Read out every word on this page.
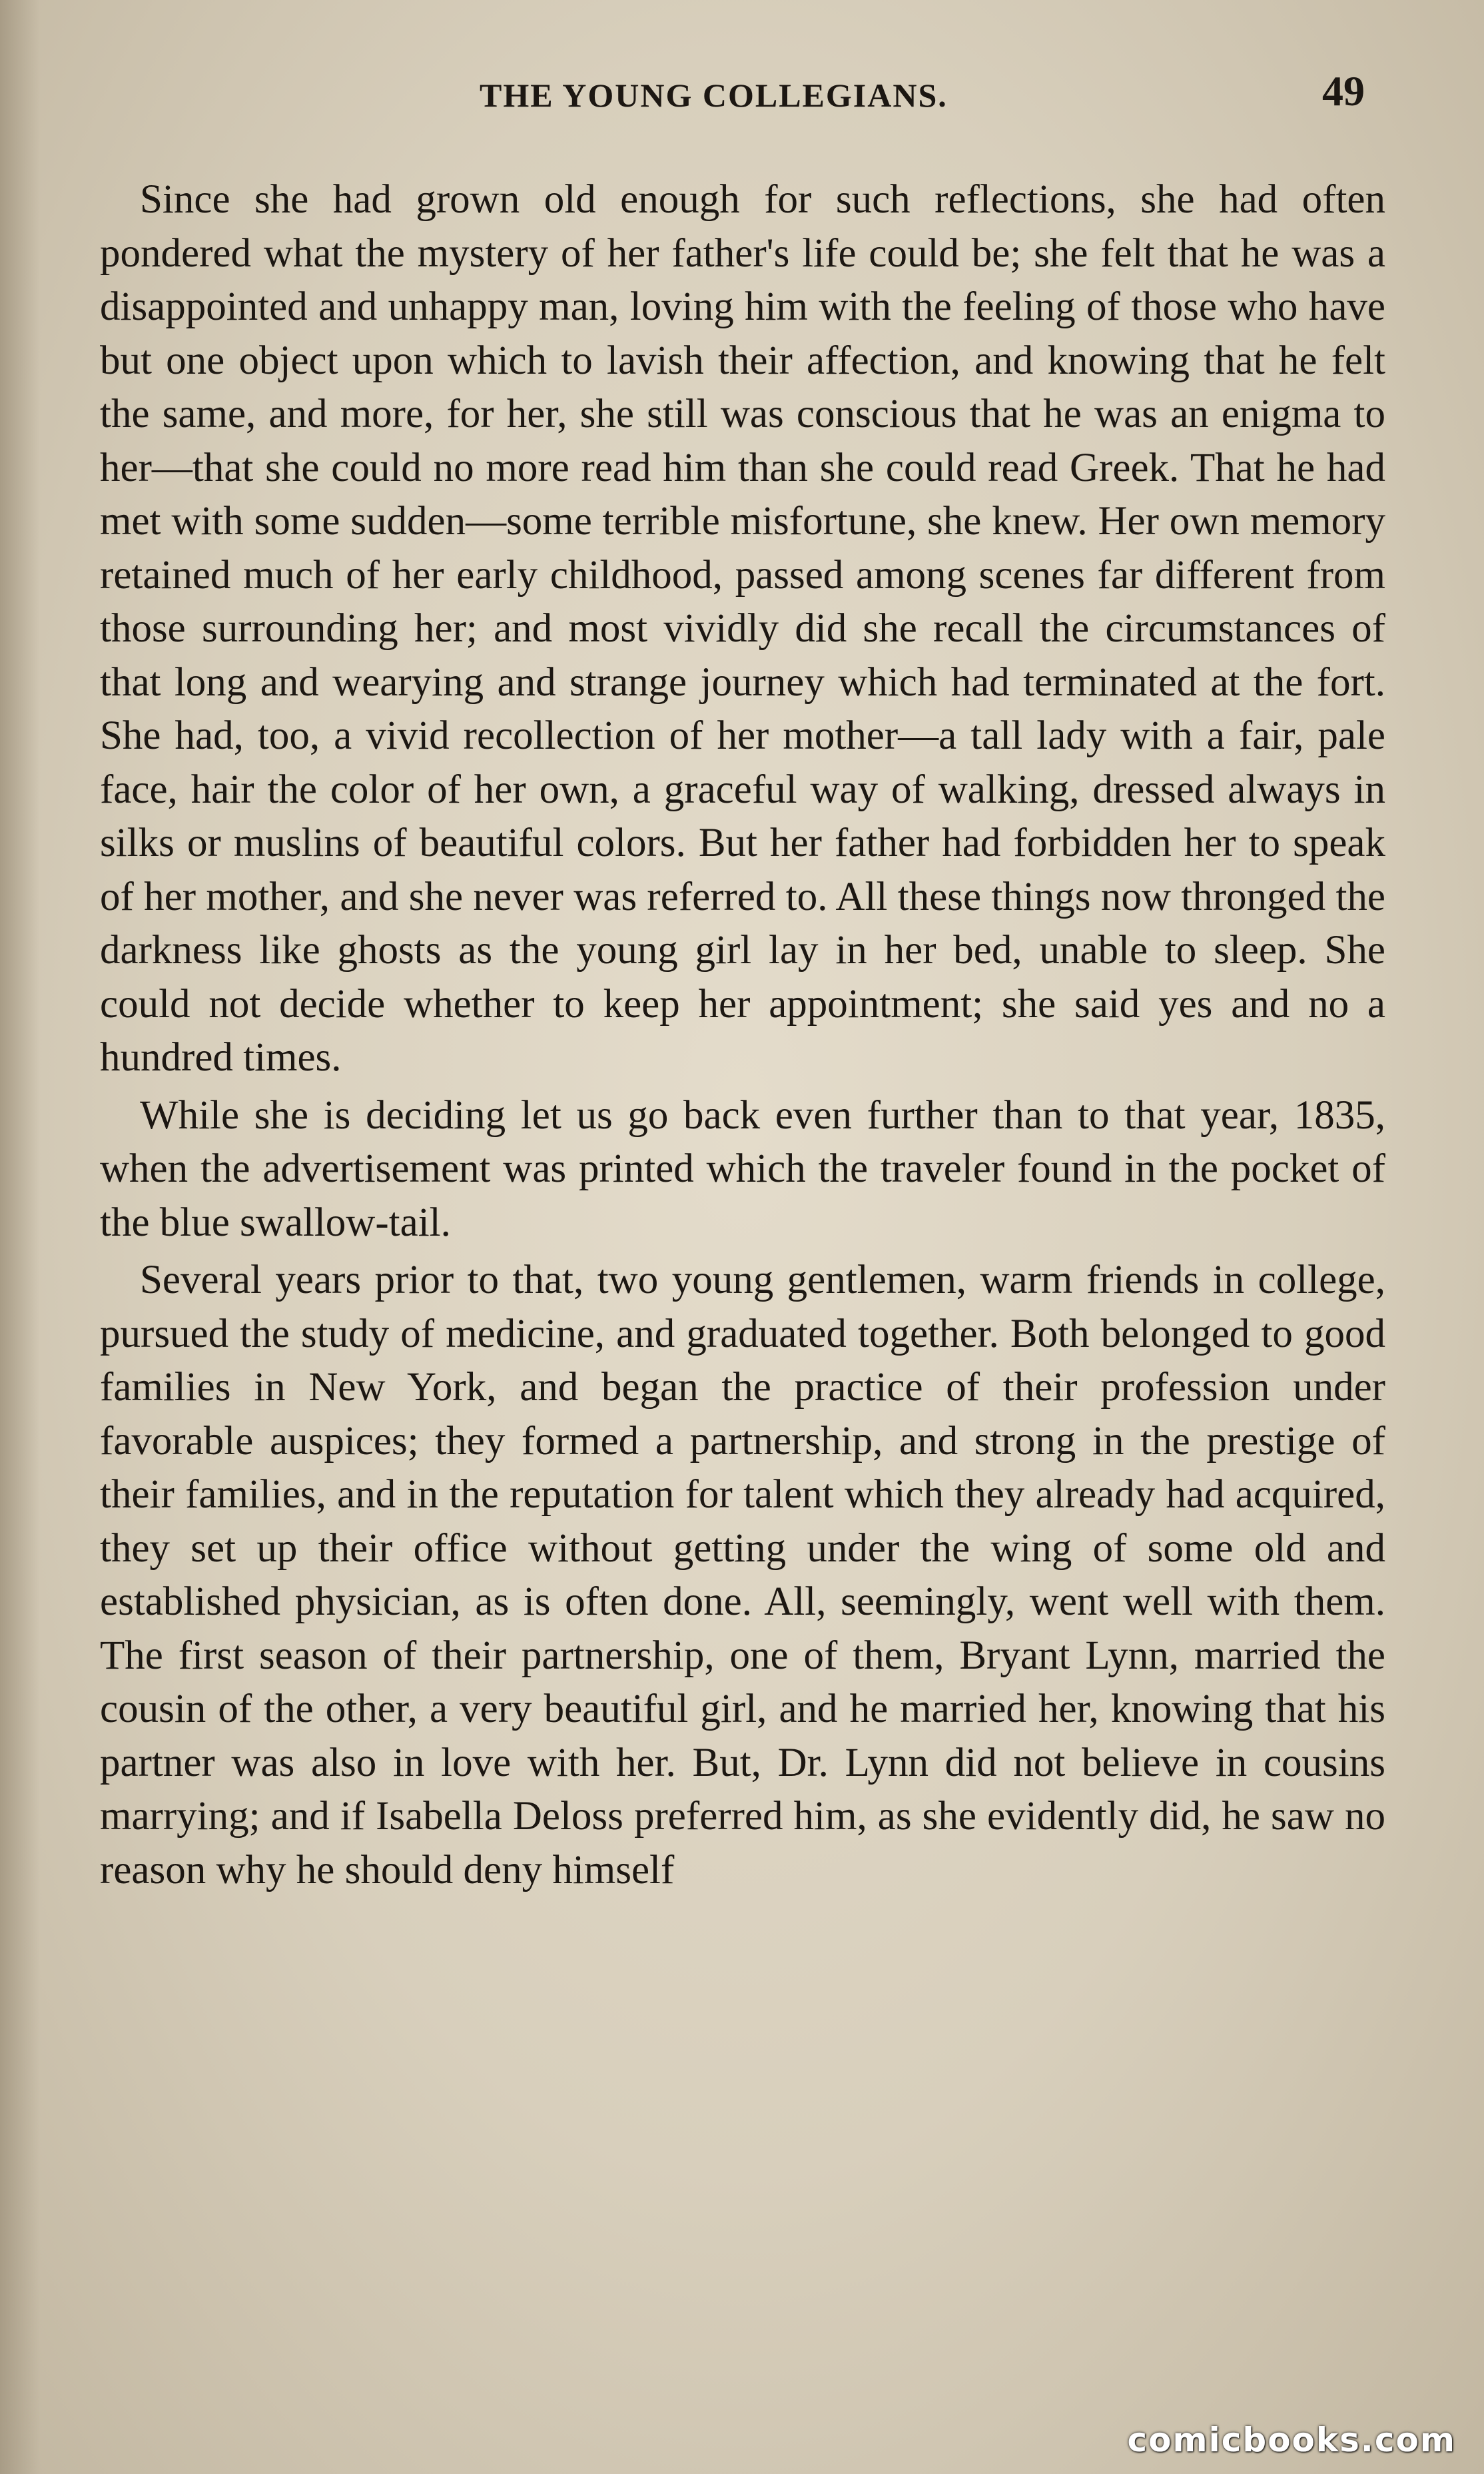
THE YOUNG COLLEGIANS.	49

Since she had grown old enough for such reflections, she had often pondered what the mystery of her father's life could be; she felt that he was a disappointed and unhappy man, loving him with the feeling of those who have but one object upon which to lavish their affection, and knowing that he felt the same, and more, for her, she still was conscious that he was an enigma to her—that she could no more read him than she could read Greek. That he had met with some sudden—some terrible misfortune, she knew. Her own memory retained much of her early childhood, passed among scenes far different from those surrounding her; and most vividly did she recall the circumstances of that long and wearying and strange journey which had terminated at the fort. She had, too, a vivid recollection of her mother—a tall lady with a fair, pale face, hair the color of her own, a graceful way of walking, dressed always in silks or muslins of beautiful colors. But her father had forbidden her to speak of her mother, and she never was referred to. All these things now thronged the darkness like ghosts as the young girl lay in her bed, unable to sleep. She could not decide whether to keep her appointment; she said yes and no a hundred times.

While she is deciding let us go back even further than to that year, 1835, when the advertisement was printed which the traveler found in the pocket of the blue swallow-tail.

Several years prior to that, two young gentlemen, warm friends in college, pursued the study of medicine, and graduated together. Both belonged to good families in New York, and began the practice of their profession under favorable auspices; they formed a partnership, and strong in the prestige of their families, and in the reputation for talent which they already had acquired, they set up their office without getting under the wing of some old and established physician, as is often done. All, seemingly, went well with them. The first season of their partnership, one of them, Bryant Lynn, married the cousin of the other, a very beautiful girl, and he married her, knowing that his partner was also in love with her. But, Dr. Lynn did not believe in cousins marrying; and if Isabella Deloss preferred him, as she evidently did, he saw no reason why he should deny himself

comicbooks.com
